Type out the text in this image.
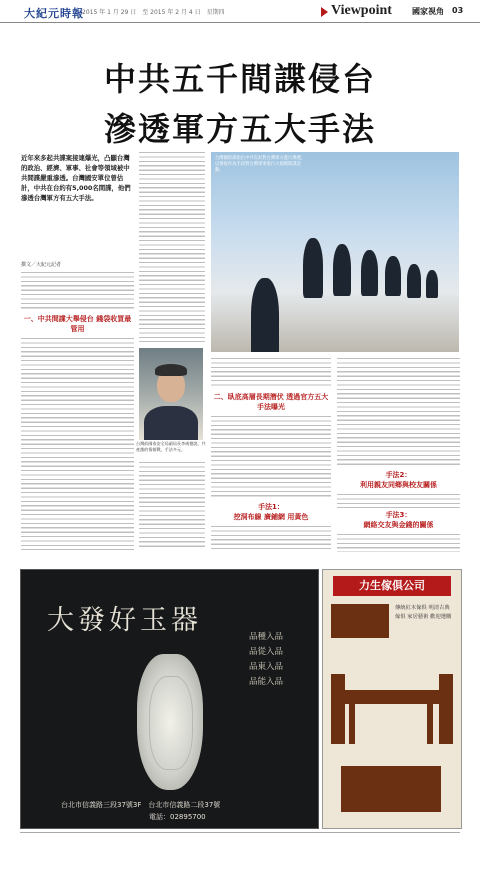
大紀元時報
2015 年 1 月 29 日　至 2015 年 2 月 4 日　星期四	Viewpoint	國家視角 03
中共五千間諜侵台
滲透軍方五大手法
近年來多起共諜案接連爆光，凸顯台灣的政治、經濟、軍事、社會等領域被中共間諜嚴重滲透。台灣國安單位曾估計，中共在台約有5,000名間諜，他們滲透台灣軍方有五大手法。
撰文／大紀元記者
一、中共間諜大舉侵台 錢袋收買最管用
台灣國防部指出中共有針對台灣軍方進行滲透，以情報作為手段對台灣軍事進行大規模間諜活動。
台灣前國家安全局副局長李威德說，共產黨的情報戰，手法多元。
二、臥底高層長期潛伏 透過官方五大手法曝光
手法1：
挖洞布線 廣鋪網 用黃色
手法2：
利用親友同鄉與校友關係
手法3：
網絡交友與金錢的關係
大發好玉器
品種入品
品從入品
品東入品
品能入品
台北市信義路三段37號3F　台北市信義路二段37號
電話：02895700
力生傢俱公司
傳統紅木傢俱 明清古典傢俱 家居藝術 歡迎選購
